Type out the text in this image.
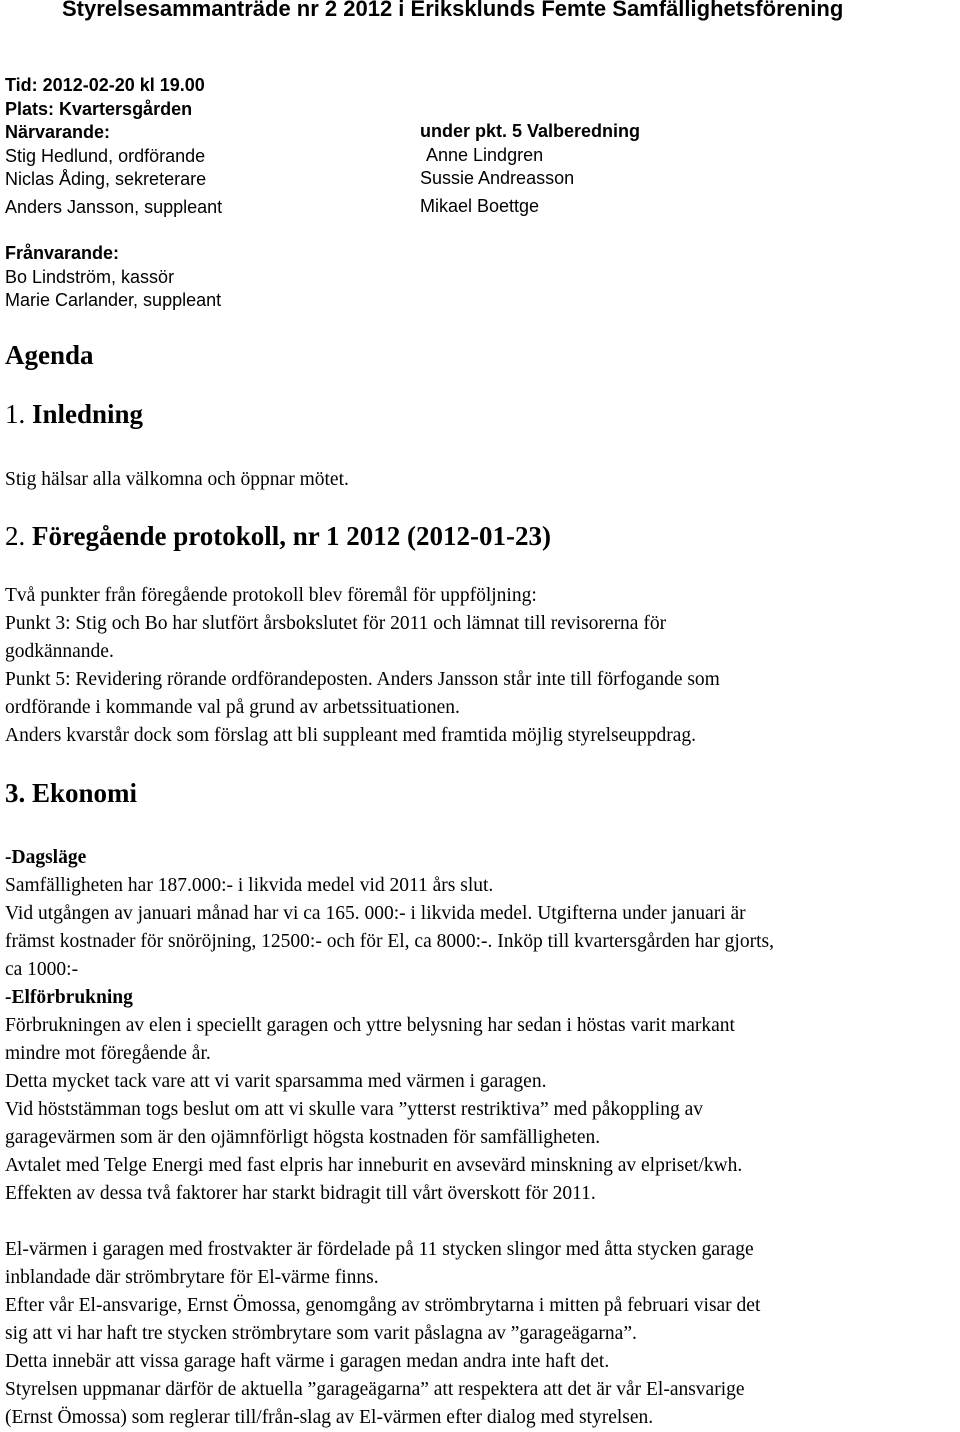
Styrelsesammanträde nr 2 2012 i Eriksklunds Femte Samfällighetsförening
Tid: 2012-02-20 kl 19.00
Plats: Kvartersgården
Närvarande:
Stig Hedlund, ordförande
Niclas Åding, sekreterare
Anders Jansson, suppleant
under pkt. 5 Valberedning
Anne Lindgren
Sussie Andreasson
Mikael Boettge
Frånvarande:
Bo Lindström, kassör
Marie Carlander, suppleant
Agenda
1. Inledning
Stig hälsar alla välkomna och öppnar mötet.
2. Föregående protokoll, nr 1 2012 (2012-01-23)
Två punkter från föregående protokoll blev föremål för uppföljning:
Punkt 3: Stig och Bo har slutfört årsbokslutet för 2011 och lämnat till revisorerna för
godkännande.
Punkt 5: Revidering rörande ordförandeposten. Anders Jansson står inte till förfogande som
ordförande i kommande val på grund av arbetssituationen.
Anders kvarstår dock som förslag att bli suppleant med framtida möjlig styrelseuppdrag.
3. Ekonomi
-Dagsläge
Samfälligheten har 187.000:- i likvida medel vid 2011 års slut.
Vid utgången av januari månad har vi ca 165. 000:- i likvida medel. Utgifterna under januari är
främst kostnader för snöröjning, 12500:- och för El, ca 8000:-. Inköp till kvartersgården har gjorts,
ca 1000:-
-Elförbrukning
Förbrukningen av elen i speciellt garagen och yttre belysning har sedan i höstas varit markant
mindre mot föregående år.
Detta mycket tack vare att vi varit sparsamma med värmen i garagen.
Vid höststämman togs beslut om att vi skulle vara ”ytterst restriktiva” med påkoppling av
garagevärmen som är den ojämnförligt högsta kostnaden för samfälligheten.
Avtalet med Telge Energi med fast elpris har inneburit en avsevärd minskning av elpriset/kwh.
Effekten av dessa två faktorer har starkt bidragit till vårt överskott för 2011.
El-värmen i garagen med frostvakter är fördelade på 11 stycken slingor med åtta stycken garage
inblandade där strömbrytare för El-värme finns.
Efter vår El-ansvarige, Ernst Ömossa, genomgång av strömbrytarna i mitten på februari visar det
sig att vi har haft tre stycken strömbrytare som varit påslagna av ”garageägarna”.
Detta innebär att vissa garage haft värme i garagen medan andra inte haft det.
Styrelsen uppmanar därför de aktuella ”garageägarna” att respektera att det är vår El-ansvarige
(Ernst Ömossa) som reglerar till/från-slag av El-värmen efter dialog med styrelsen.
